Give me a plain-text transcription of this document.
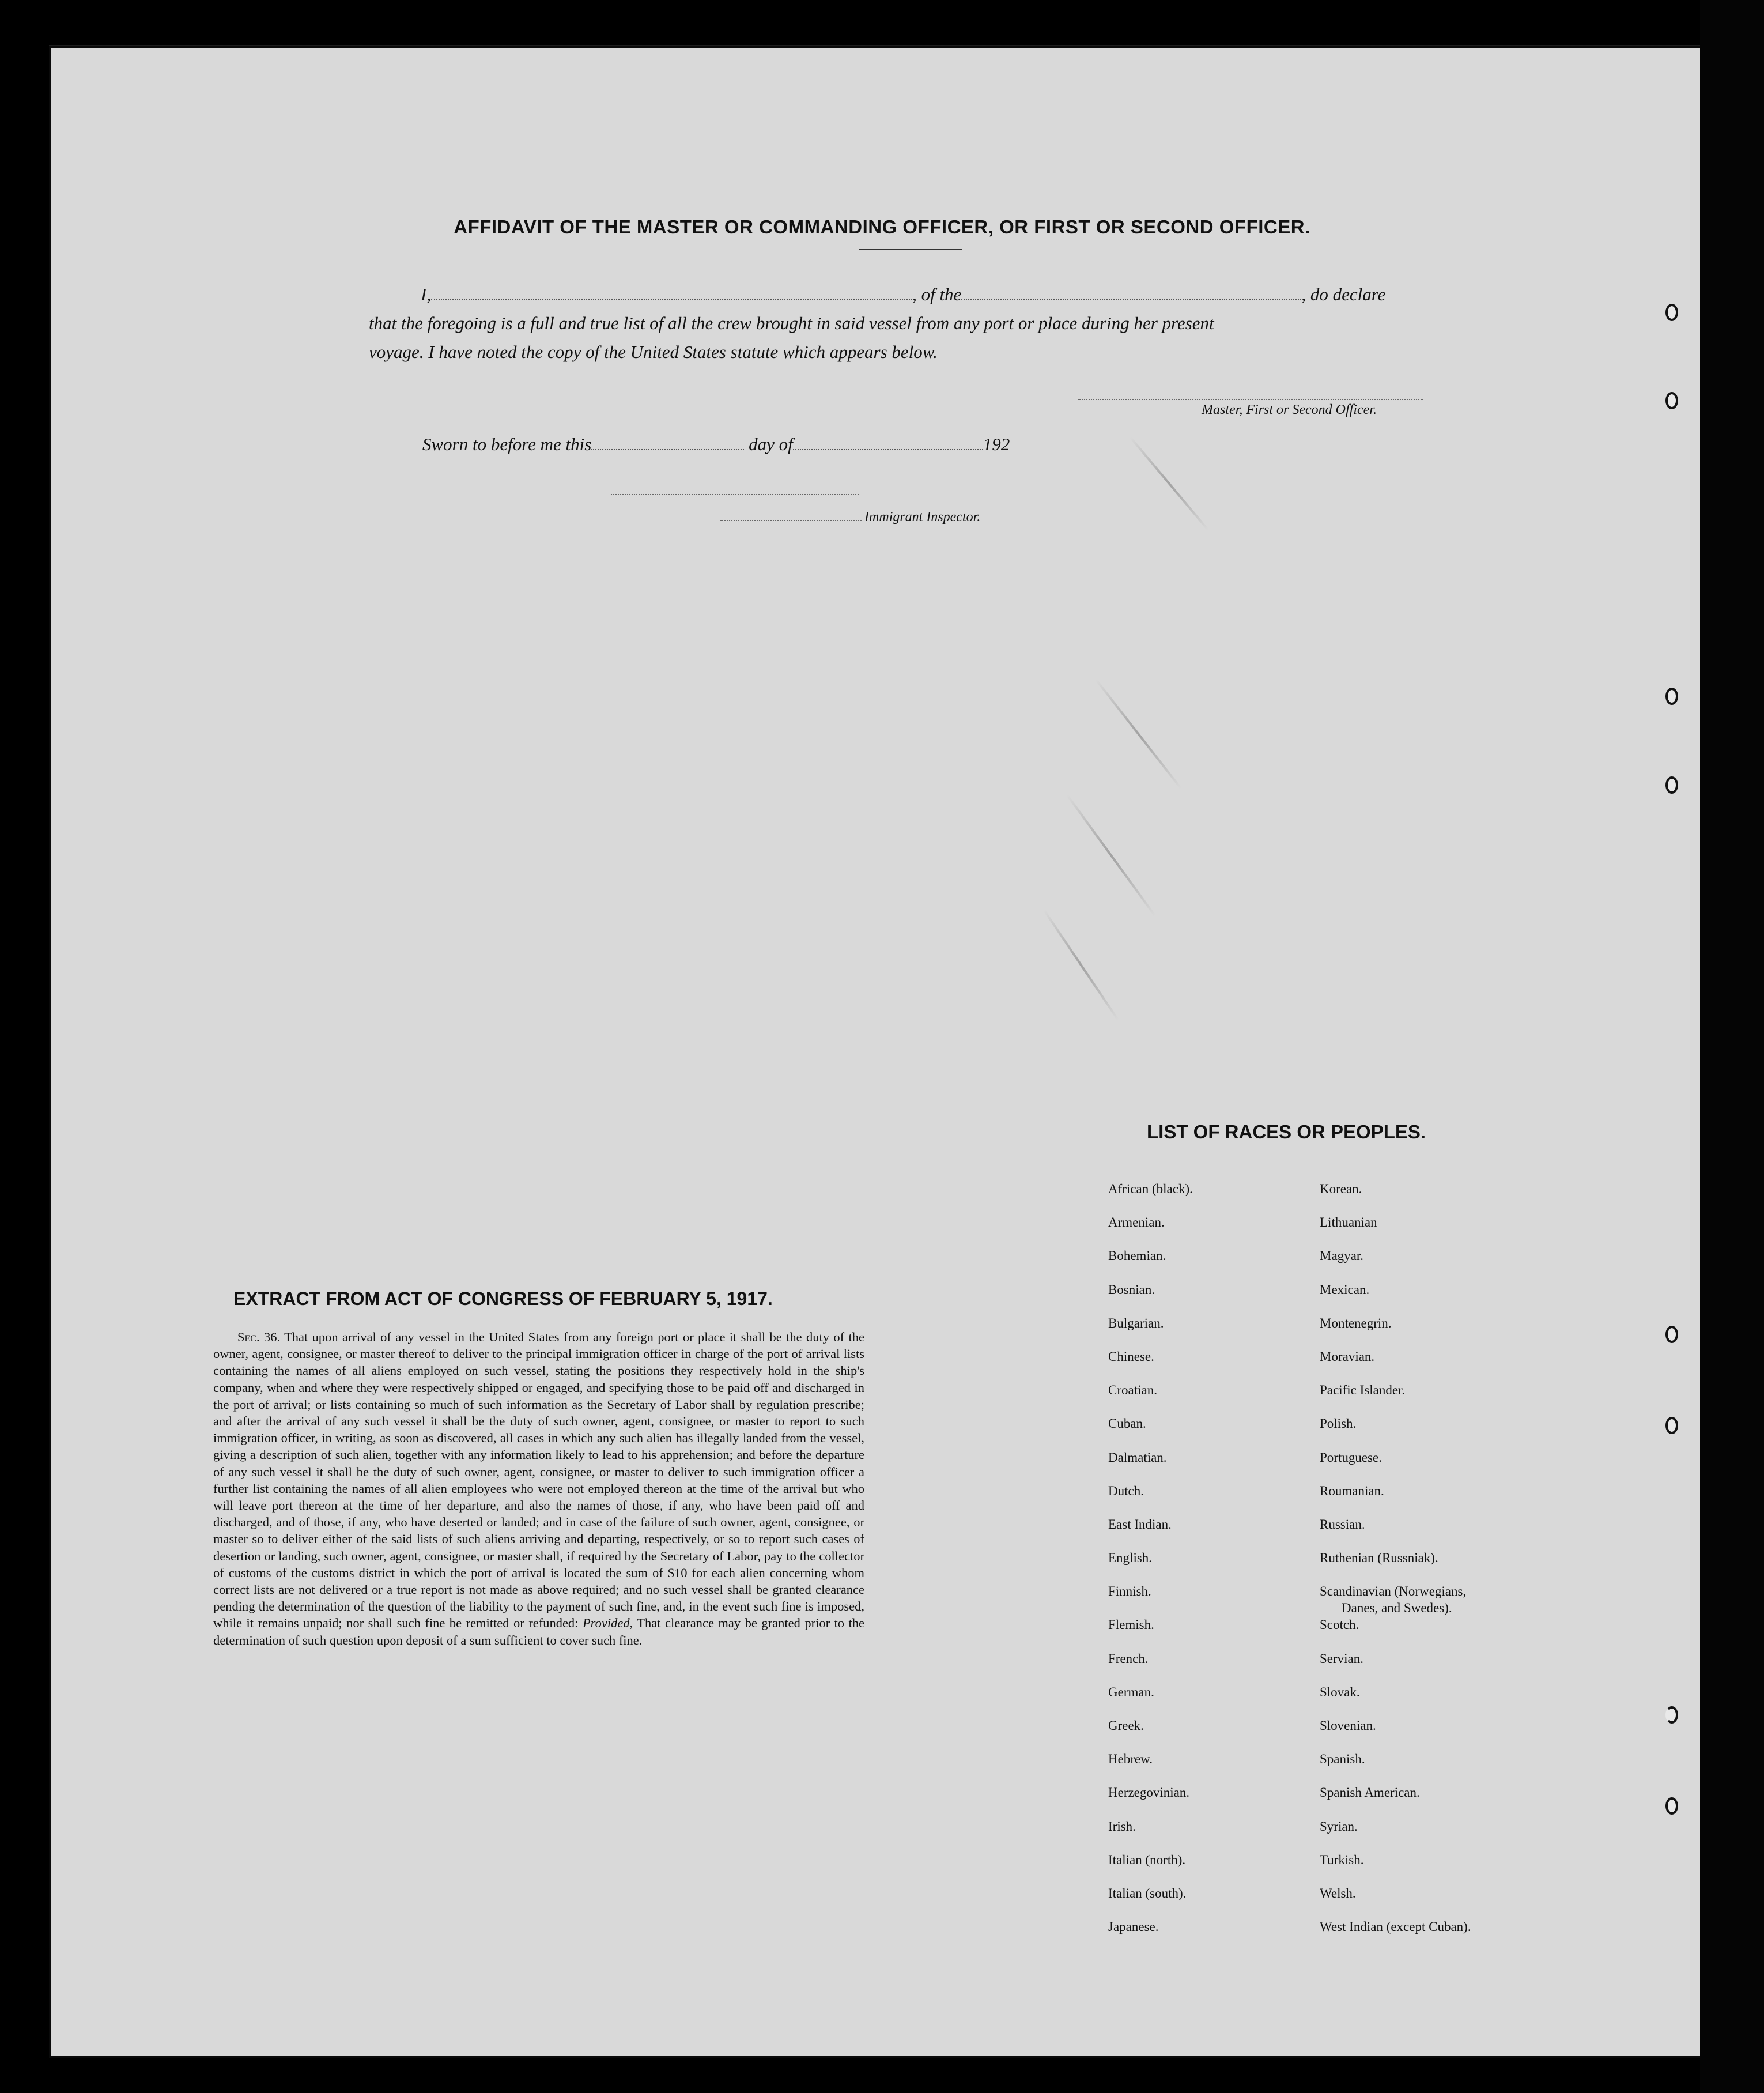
AFFIDAVIT OF THE MASTER OR COMMANDING OFFICER, OR FIRST OR SECOND OFFICER.
I,	, of the	, do declare
that the foregoing is a full and true list of all the crew brought in said vessel from any port or place during her present
voyage. I have noted the copy of the United States statute which appears below.
Master, First or Second Officer.
Sworn to before me this	day of	192
Immigrant Inspector.
EXTRACT FROM ACT OF CONGRESS OF FEBRUARY 5, 1917.
Sec. 36. That upon arrival of any vessel in the United States from any foreign port or place it shall be the duty of the owner, agent, consignee, or master thereof to deliver to the principal immigration officer in charge of the port of arrival lists containing the names of all aliens employed on such vessel, stating the positions they respectively hold in the ship's company, when and where they were respectively shipped or engaged, and specifying those to be paid off and discharged in the port of arrival; or lists containing so much of such information as the Secretary of Labor shall by regulation prescribe; and after the arrival of any such vessel it shall be the duty of such owner, agent, consignee, or master to report to such immigration officer, in writing, as soon as discovered, all cases in which any such alien has illegally landed from the vessel, giving a description of such alien, together with any information likely to lead to his apprehension; and before the departure of any such vessel it shall be the duty of such owner, agent, consignee, or master to deliver to such immigration officer a further list containing the names of all alien employees who were not employed thereon at the time of the arrival but who will leave port thereon at the time of her departure, and also the names of those, if any, who have been paid off and discharged, and of those, if any, who have deserted or landed; and in case of the failure of such owner, agent, consignee, or master so to deliver either of the said lists of such aliens arriving and departing, respectively, or so to report such cases of desertion or landing, such owner, agent, consignee, or master shall, if required by the Secretary of Labor, pay to the collector of customs of the customs district in which the port of arrival is located the sum of $10 for each alien concerning whom correct lists are not delivered or a true report is not made as above required; and no such vessel shall be granted clearance pending the determination of the question of the liability to the payment of such fine, and, in the event such fine is imposed, while it remains unpaid; nor shall such fine be remitted or refunded: Provided, That clearance may be granted prior to the determination of such question upon deposit of a sum sufficient to cover such fine.
LIST OF RACES OR PEOPLES.
African (black).
Armenian.
Bohemian.
Bosnian.
Bulgarian.
Chinese.
Croatian.
Cuban.
Dalmatian.
Dutch.
East Indian.
English.
Finnish.
Flemish.
French.
German.
Greek.
Hebrew.
Herzegovinian.
Irish.
Italian (north).
Italian (south).
Japanese.
Korean.
Lithuanian
Magyar.
Mexican.
Montenegrin.
Moravian.
Pacific Islander.
Polish.
Portuguese.
Roumanian.
Russian.
Ruthenian (Russniak).
Scandinavian (Norwegians,
Danes, and Swedes).
Scotch.
Servian.
Slovak.
Slovenian.
Spanish.
Spanish American.
Syrian.
Turkish.
Welsh.
West Indian (except Cuban).
